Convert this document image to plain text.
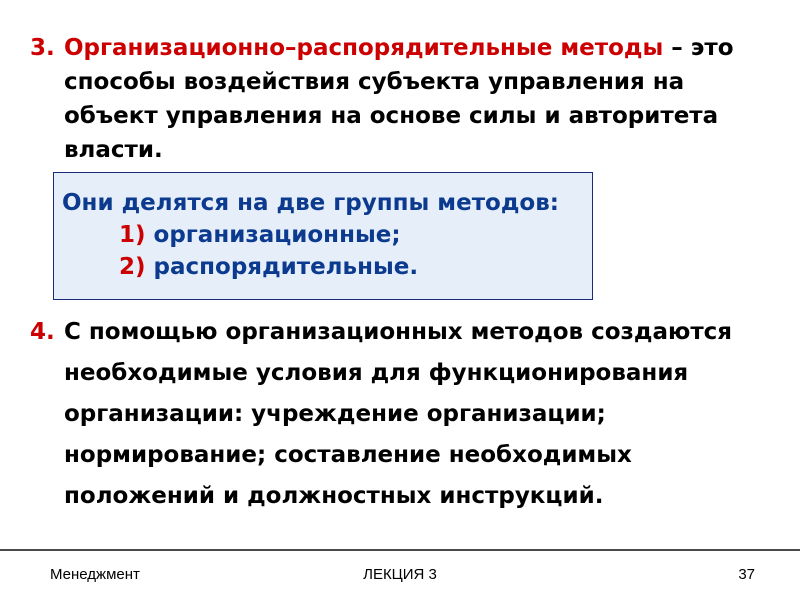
3. Организационно–распорядительные методы – это способы воздействия субъекта управления на объект управления на основе силы и авторитета власти.
Они делятся на две группы методов:
1) организационные;
2) распорядительные.
4. С помощью организационных методов создаются необходимые условия для функционирования организации: учреждение организации; нормирование; составление необходимых положений и должностных инструкций.
Менеджмент	ЛЕКЦИЯ 3	37
